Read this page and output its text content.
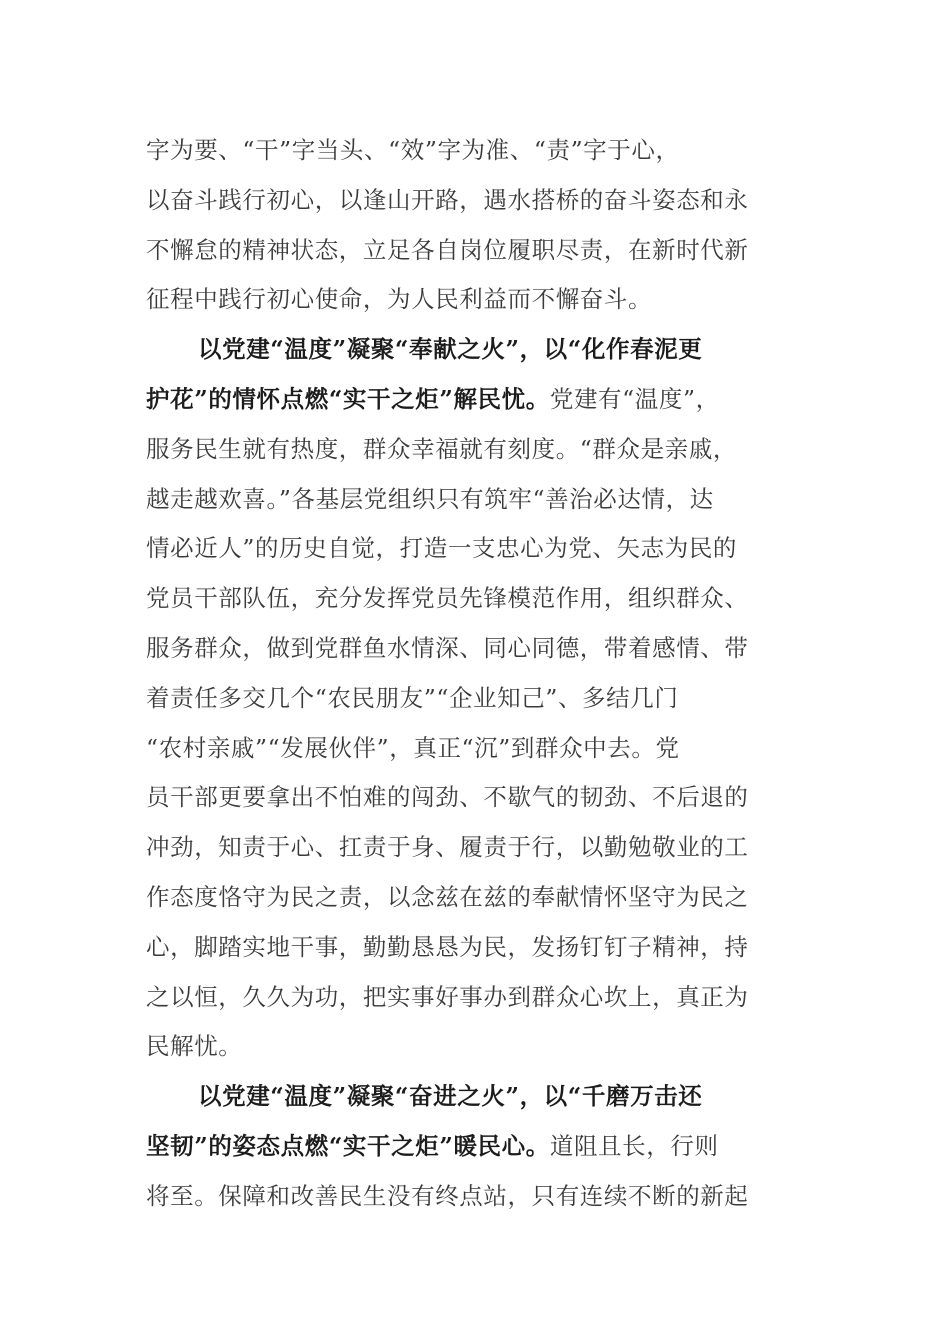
字为要、“干”字当头、“效”字为准、“责”字于心，
以奋斗践行初心，以逢山开路，遇水搭桥的奋斗姿态和永
不懈怠的精神状态，立足各自岗位履职尽责，在新时代新
征程中践行初心使命，为人民利益而不懈奋斗。
以党建“温度”凝聚“奉献之火”，以“化作春泥更
护花”的情怀点燃“实干之炬”解民忧。党建有“温度”，
服务民生就有热度，群众幸福就有刻度。“群众是亲戚，
越走越欢喜。”各基层党组织只有筑牢“善治必达情，达
情必近人”的历史自觉，打造一支忠心为党、矢志为民的
党员干部队伍，充分发挥党员先锋模范作用，组织群众、
服务群众，做到党群鱼水情深、同心同德，带着感情、带
着责任多交几个“农民朋友”“企业知己”、多结几门
“农村亲戚”“发展伙伴”，真正“沉”到群众中去。党
员干部更要拿出不怕难的闯劲、不歇气的韧劲、不后退的
冲劲，知责于心、扛责于身、履责于行，以勤勉敬业的工
作态度恪守为民之责，以念兹在兹的奉献情怀坚守为民之
心，脚踏实地干事，勤勤恳恳为民，发扬钉钉子精神，持
之以恒，久久为功，把实事好事办到群众心坎上，真正为
民解忧。
以党建“温度”凝聚“奋进之火”，以“千磨万击还
坚韧”的姿态点燃“实干之炬”暖民心。道阻且长，行则
将至。保障和改善民生没有终点站，只有连续不断的新起
